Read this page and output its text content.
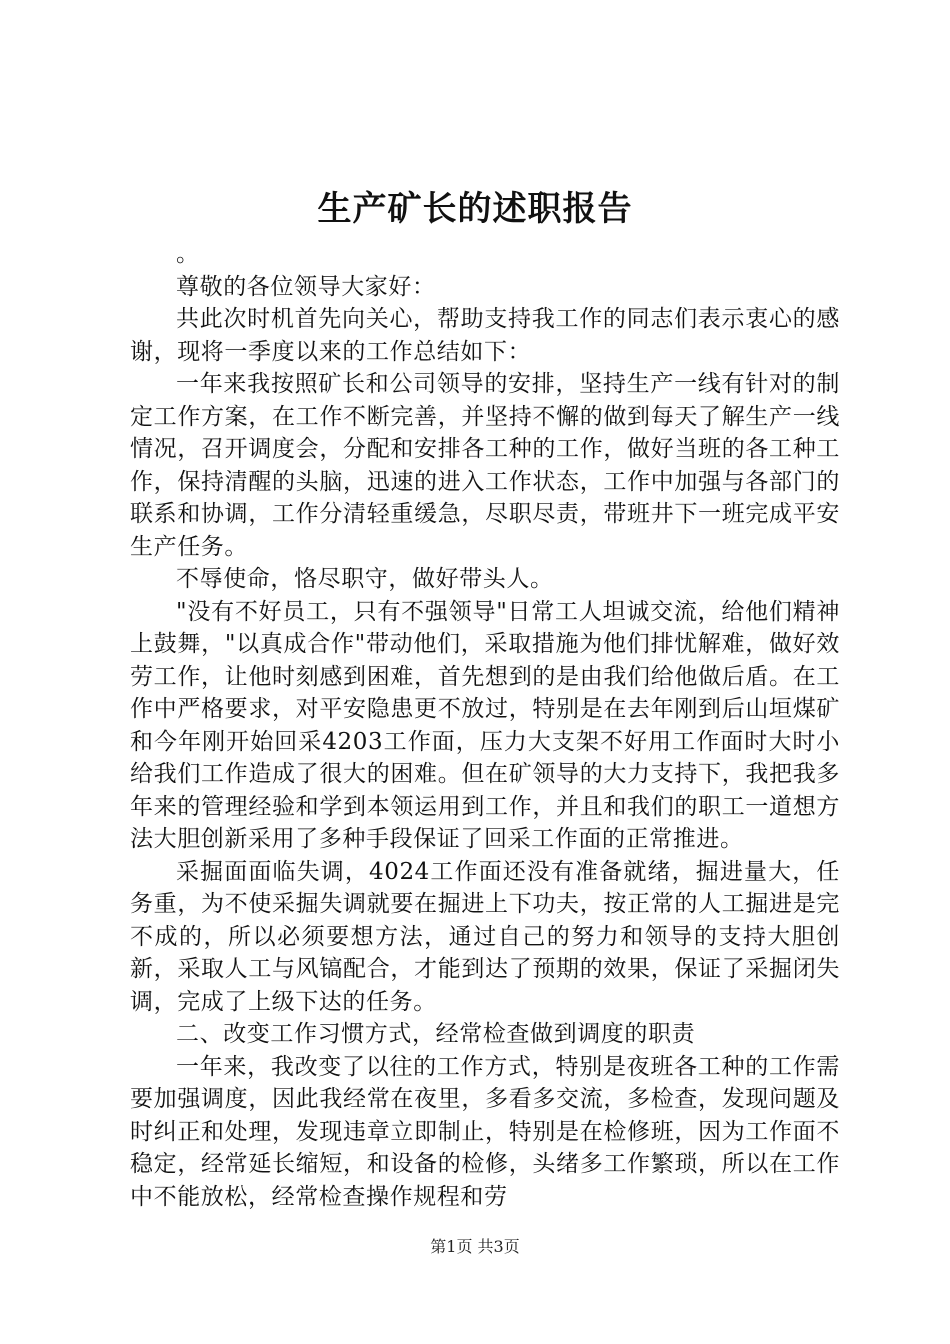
生产矿长的述职报告

。

尊敬的各位领导大家好：

共此次时机首先向关心，帮助支持我工作的同志们表示衷心的感谢，现将一季度以来的工作总结如下：

一年来我按照矿长和公司领导的安排，坚持生产一线有针对的制定工作方案，在工作不断完善，并坚持不懈的做到每天了解生产一线情况，召开调度会，分配和安排各工种的工作，做好当班的各工种工作，保持清醒的头脑，迅速的进入工作状态，工作中加强与各部门的联系和协调，工作分清轻重缓急，尽职尽责，带班井下一班完成平安生产任务。

不辱使命，恪尽职守，做好带头人。

"没有不好员工，只有不强领导"日常工人坦诚交流，给他们精神上鼓舞，"以真成合作"带动他们，采取措施为他们排忧解难，做好效劳工作，让他时刻感到困难，首先想到的是由我们给他做后盾。在工作中严格要求，对平安隐患更不放过，特别是在去年刚到后山垣煤矿和今年刚开始回采4203工作面，压力大支架不好用工作面时大时小给我们工作造成了很大的困难。但在矿领导的大力支持下，我把我多年来的管理经验和学到本领运用到工作，并且和我们的职工一道想方法大胆创新采用了多种手段保证了回采工作面的正常推进。

采掘面面临失调，4024工作面还没有准备就绪，掘进量大，任务重，为不使采掘失调就要在掘进上下功夫，按正常的人工掘进是完不成的，所以必须要想方法，通过自己的努力和领导的支持大胆创新，采取人工与风镐配合，才能到达了预期的效果，保证了采掘闭失调，完成了上级下达的任务。

二、改变工作习惯方式，经常检查做到调度的职责

一年来，我改变了以往的工作方式，特别是夜班各工种的工作需要加强调度，因此我经常在夜里，多看多交流，多检查，发现问题及时纠正和处理，发现违章立即制止，特别是在检修班，因为工作面不稳定，经常延长缩短，和设备的检修，头绪多工作繁琐，所以在工作中不能放松，经常检查操作规程和劳

第1页 共3页
